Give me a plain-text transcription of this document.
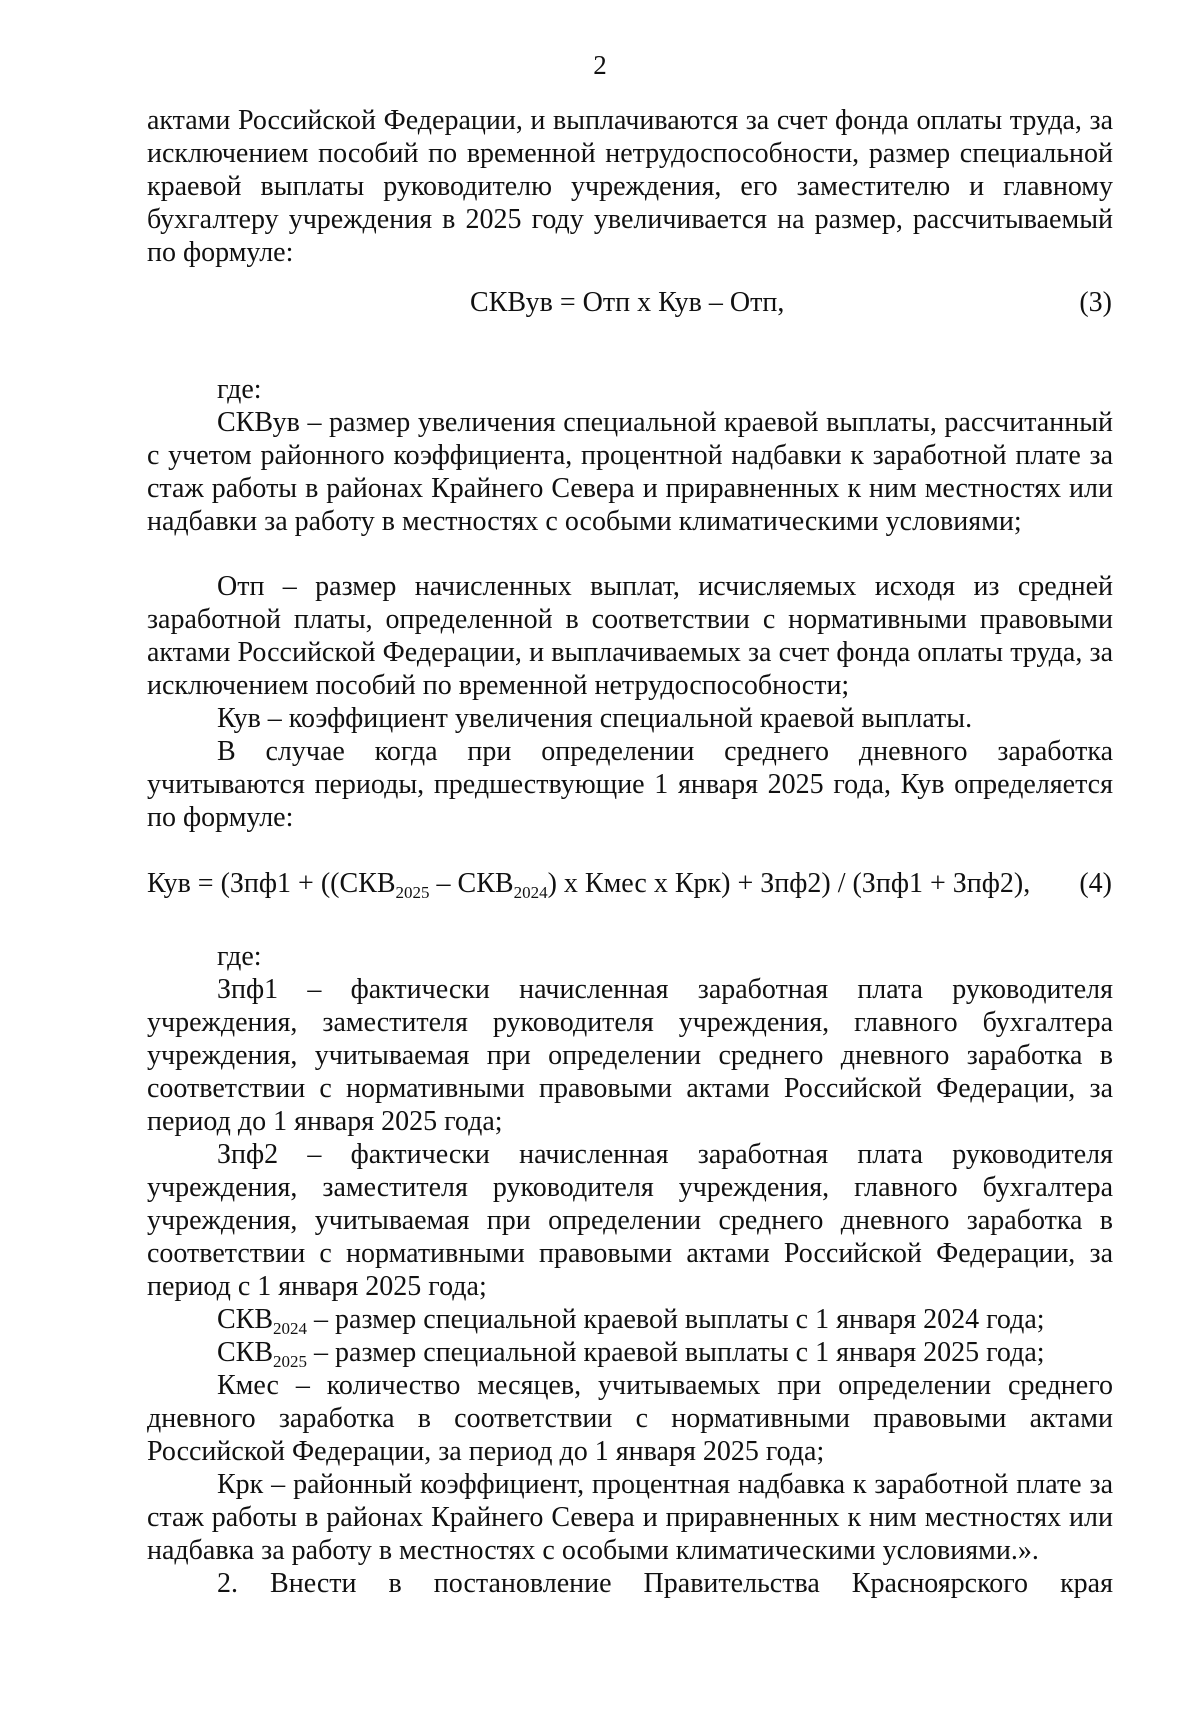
2

актами Российской Федерации, и выплачиваются за счет фонда оплаты труда, за исключением пособий по временной нетрудоспособности, размер специальной краевой выплаты руководителю учреждения, его заместителю и главному бухгалтеру учреждения в 2025 году увеличивается на размер, рассчитываемый по формуле:

СКВув = Отп х Кув – Отп,	(3)

где:

СКВув – размер увеличения специальной краевой выплаты, рассчитанный с учетом районного коэффициента, процентной надбавки к заработной плате за стаж работы в районах Крайнего Севера и приравненных к ним местностях или надбавки за работу в местностях с особыми климатическими условиями;

Отп – размер начисленных выплат, исчисляемых исходя из средней заработной платы, определенной в соответствии с нормативными правовыми актами Российской Федерации, и выплачиваемых за счет фонда оплаты труда, за исключением пособий по временной нетрудоспособности;

Кув – коэффициент увеличения специальной краевой выплаты.

В случае когда при определении среднего дневного заработка учитываются периоды, предшествующие 1 января 2025 года, Кув определяется по формуле:

Кув = ($Зпф1 + ((СКВ_{2025} - СКВ_{2024})$ х Кмес х Крк) + Зпф2) / (Зпф1 + Зпф2), (4)

где:

Зпф1 – фактически начисленная заработная плата руководителя учреждения, заместителя руководителя учреждения, главного бухгалтера учреждения, учитываемая при определении среднего дневного заработка в соответствии с нормативными правовыми актами Российской Федерации, за период до 1 января 2025 года;

Зпф2 – фактически начисленная заработная плата руководителя учреждения, заместителя руководителя учреждения, главного бухгалтера учреждения, учитываемая при определении среднего дневного заработка в соответствии с нормативными правовыми актами Российской Федерации, за период с 1 января 2025 года;

$СКВ_{2024}$ – размер специальной краевой выплаты с 1 января 2024 года;

$СКВ_{2025}$ – размер специальной краевой выплаты с 1 января 2025 года;

Кмес – количество месяцев, учитываемых при определении среднего дневного заработка в соответствии с нормативными правовыми актами Российской Федерации, за период до 1 января 2025 года;

Крк – районный коэффициент, процентная надбавка к заработной плате за стаж работы в районах Крайнего Севера и приравненных к ним местностях или надбавка за работу в местностях с особыми климатическими условиями.».

2. Внести в постановление Правительства Красноярского края
